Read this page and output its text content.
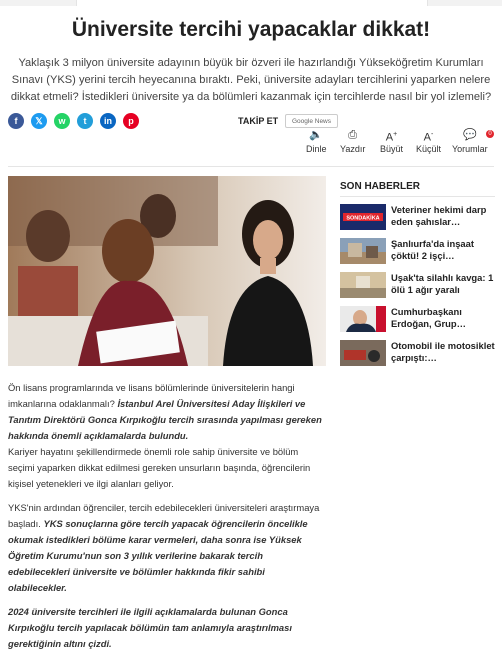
Üniversite tercihi yapacaklar dikkat!
Yaklaşık 3 milyon üniversite adayının büyük bir özveri ile hazırlandığı Yükseköğretim Kurumları Sınavı (YKS) yerini tercih heyecanına bıraktı. Peki, üniversite adayları tercihlerini yaparken nelere dikkat etmeli? İstedikleri üniversite ya da bölümleri kazanmak için tercihlerde nasıl bir yol izlemeli?
f	𝕏	w	t	in	p	TAKİP ET	Google News
🔈
Dinle
⎙
Yazdır
A+
Büyüt
A-
Küçült
💬
Yorumlar
0

Ön lisans programlarında ve lisans bölümlerinde üniversitelerin hangi imkanlarına odaklanmalı? İstanbul Arel Üniversitesi Aday İlişkileri ve Tanıtım Direktörü Gonca Kırpıkoğlu tercih sırasında yapılması gereken hakkında önemli açıklamalarda bulundu.
Kariyer hayatını şekillendirmede önemli role sahip üniversite ve bölüm seçimi yaparken dikkat edilmesi gereken unsurların başında, öğrencilerin kişisel yetenekleri ve ilgi alanları geliyor.

YKS'nin ardından öğrenciler, tercih edebilecekleri üniversiteleri araştırmaya başladı. YKS sonuçlarına göre tercih yapacak öğrencilerin öncelikle okumak istedikleri bölüme karar vermeleri, daha sonra ise Yüksek Öğretim Kurumu'nun son 3 yıllık verilerine bakarak tercih edebilecekleri üniversite ve bölümler hakkında fikir sahibi olabilecekler.

2024 üniversite tercihleri ile ilgili açıklamalarda bulunan Gonca Kırpıkoğlu tercih yapılacak bölümün tam anlamıyla araştırılması gerektiğinin altını çizdi.

SON HABERLER
SONDAKİKA
Veteriner hekimi darp eden şahıslar…
Şanlıurfa'da inşaat çöktü! 2 işçi…
Uşak'ta silahlı kavga: 1 ölü 1 ağır yaralı
Cumhurbaşkanı Erdoğan, Grup…
Otomobil ile motosiklet çarpıştı:…
